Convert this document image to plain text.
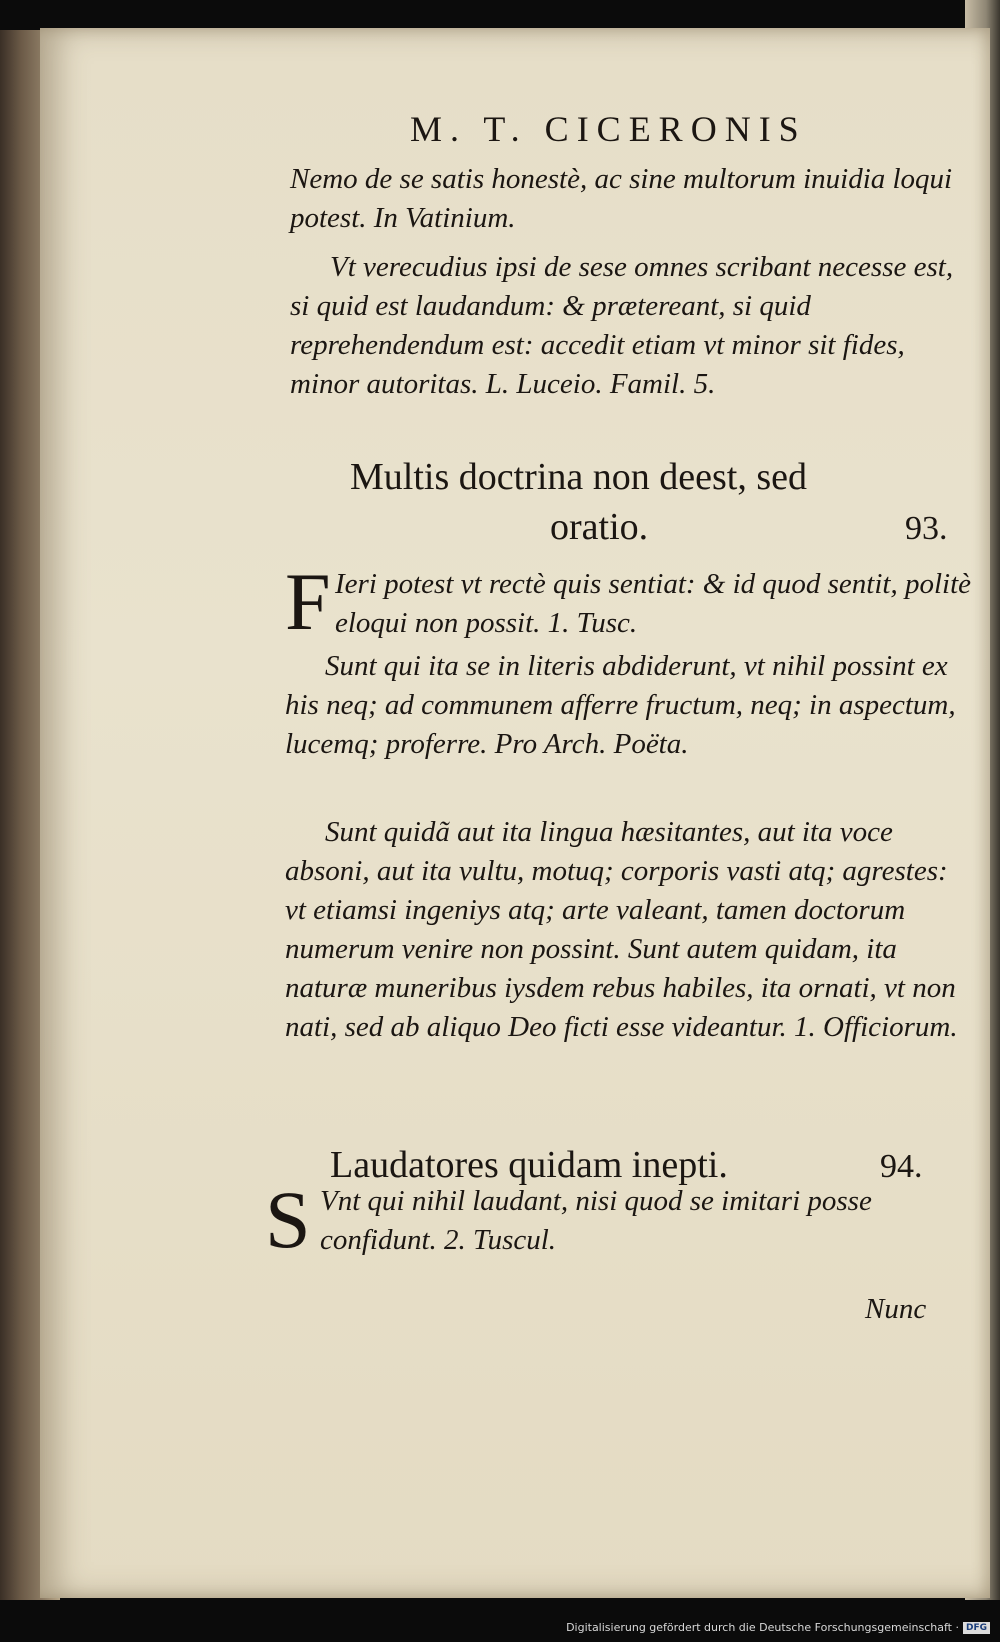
M. T. CICERONIS
Nemo de se satis honestè, ac sine multorum inuidia loqui potest. In Vatinium.
Vt verecudius ipsi de sese omnes scribant necesse est, si quid est laudandum: & prætereant, si quid reprehendendum est: accedit etiam vt minor sit fides, minor autoritas. L. Luceio. Famil. 5.
Multis doctrina non deest, sed
oratio.	93.
F Ieri potest vt rectè quis sentiat: & id quod sentit, politè eloqui non possit. 1. Tusc.
Sunt qui ita se in literis abdiderunt, vt nihil possint ex his neq; ad communem afferre fructum, neq; in aspectum, lucemq; proferre. Pro Arch. Poëta.
Sunt quidã aut ita lingua hæsitantes, aut ita voce absoni, aut ita vultu, motuq; corporis vasti atq; agrestes: vt etiamsi ingeniys atq; arte valeant, tamen doctorum numerum venire non possint. Sunt autem quidam, ita naturæ muneribus iysdem rebus habiles, ita ornati, vt non nati, sed ab aliquo Deo ficti esse videantur. 1. Officiorum.
Laudatores quidam inepti.	94.
S Vnt qui nihil laudant, nisi quod se imitari posse confidunt. 2. Tuscul.
Nunc
Digitalisierung gefördert durch die Deutsche Forschungsgemeinschaft · DFG
